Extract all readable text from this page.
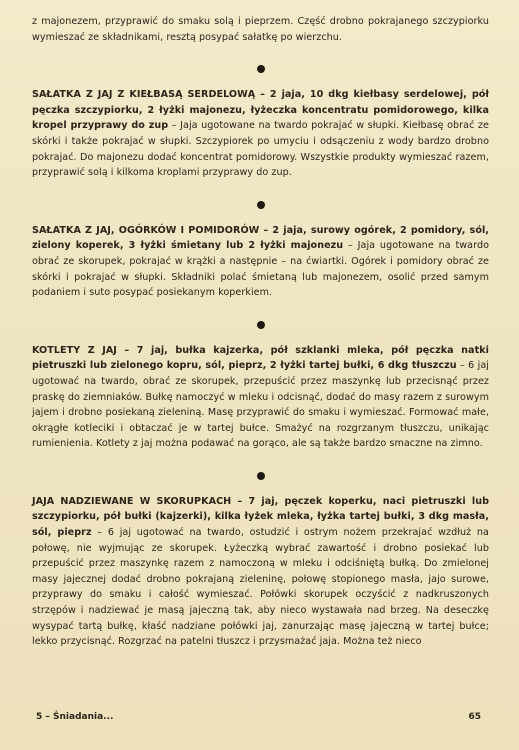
z majonezem, przyprawić do smaku solą i pieprzem. Część drobno pokrajanego szczypiorku wymieszać ze składnikami, resztą posypać sałatkę po wierzchu.

SAŁATKA Z JAJ Z KIEŁBASĄ SERDELOWĄ – 2 jaja, 10 dkg kiełbasy serdelowej, pół pęczka szczypiorku, 2 łyżki majonezu, łyżeczka koncentratu pomidorowego, kilka kropel przyprawy do zup – Jaja ugotowane na twardo pokrajać w słupki. Kiełbasę obrać ze skórki i także pokrajać w słupki. Szczypiorek po umyciu i odsączeniu z wody bardzo drobno pokrajać. Do majonezu dodać koncentrat pomidorowy. Wszystkie produkty wymieszać razem, przyprawić solą i kilkoma kroplami przyprawy do zup.

SAŁATKA Z JAJ, OGÓRKÓW I POMIDORÓW – 2 jaja, surowy ogórek, 2 pomidory, sól, zielony koperek, 3 łyżki śmietany lub 2 łyżki majonezu – Jaja ugotowane na twardo obrać ze skorupek, pokrajać w krążki a następnie – na ćwiartki. Ogórek i pomidory obrać ze skórki i pokrajać w słupki. Składniki polać śmietaną lub majonezem, osolić przed samym podaniem i suto posypać posiekanym koperkiem.

KOTLETY Z JAJ – 7 jaj, bułka kajzerka, pół szklanki mleka, pół pęczka natki pietruszki lub zielonego kopru, sól, pieprz, 2 łyżki tartej bułki, 6 dkg tłuszczu – 6 jaj ugotować na twardo, obrać ze skorupek, przepuścić przez maszynkę lub przecisnąć przez praskę do ziemniaków. Bułkę namoczyć w mleku i odcisnąć, dodać do masy razem z surowym jajem i drobno posiekaną zieleniną. Masę przyprawić do smaku i wymieszać. Formować małe, okrągłe kotleciki i obtaczać je w tartej bułce. Smażyć na rozgrzanym tłuszczu, unikając rumienienia. Kotlety z jaj można podawać na gorąco, ale są także bardzo smaczne na zimno.

JAJA NADZIEWANE W SKORUPKACH – 7 jaj, pęczek koperku, naci pietruszki lub szczypiorku, pół bułki (kajzerki), kilka łyżek mleka, łyżka tartej bułki, 3 dkg masła, sól, pieprz – 6 jaj ugotować na twardo, ostudzić i ostrym nożem przekrajać wzdłuż na połowę, nie wyjmując ze skorupek. Łyżeczką wybrać zawartość i drobno posiekać lub przepuścić przez maszynkę razem z namoczoną w mleku i odciśniętą bułką. Do zmielonej masy jajecznej dodać drobno pokrajaną zieleninę, połowę stopionego masła, jajo surowe, przyprawy do smaku i całość wymieszać. Połówki skorupek oczyścić z nadkruszonych strzępów i nadziewać je masą jajeczną tak, aby nieco wystawała nad brzeg. Na deseczkę wysypać tartą bułkę, kłaść nadziane połówki jaj, zanurzając masę jajeczną w tartej bułce; lekko przycisnąć. Rozgrzać na patelni tłuszcz i przysmażać jaja. Można też nieco

5 – Śniadania...	65
